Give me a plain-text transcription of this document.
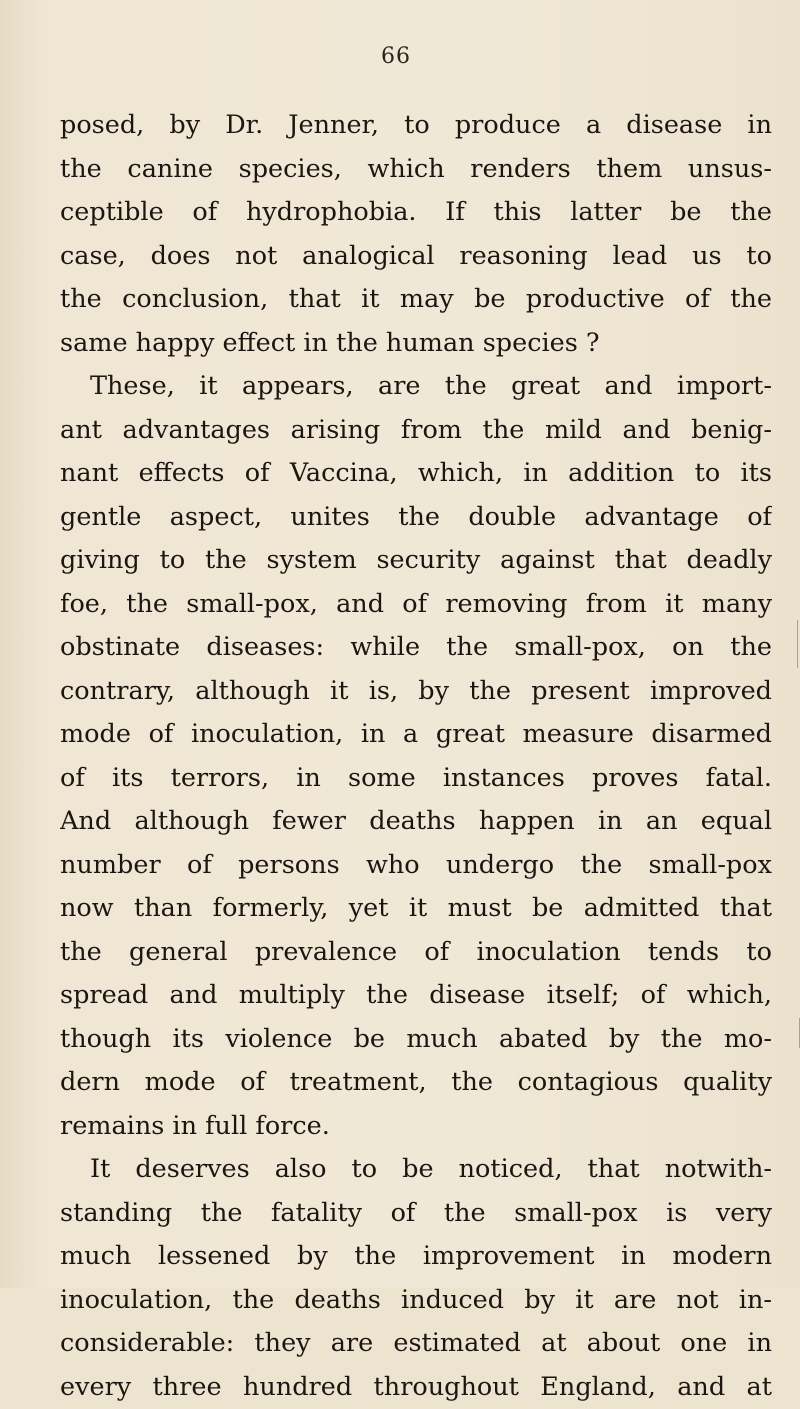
66
posed, by Dr. Jenner, to produce a disease in
the canine species, which renders them unsus-
ceptible of hydrophobia. If this latter be the
case, does not analogical reasoning lead us to
the conclusion, that it may be productive of the
same happy effect in the human species ?
These, it appears, are the great and import-
ant advantages arising from the mild and benig-
nant effects of Vaccina, which, in addition to its
gentle aspect, unites the double advantage of
giving to the system security against that deadly
foe, the small-pox, and of removing from it many
obstinate diseases: while the small-pox, on the
contrary, although it is, by the present improved
mode of inoculation, in a great measure disarmed
of its terrors, in some instances proves fatal.
And although fewer deaths happen in an equal
number of persons who undergo the small-pox
now than formerly, yet it must be admitted that
the general prevalence of inoculation tends to
spread and multiply the disease itself; of which,
though its violence be much abated by the mo-
dern mode of treatment, the contagious quality
remains in full force.
It deserves also to be noticed, that notwith-
standing the fatality of the small-pox is very
much lessened by the improvement in modern
inoculation, the deaths induced by it are not in-
considerable: they are estimated at about one in
every three hundred throughout England, and at
